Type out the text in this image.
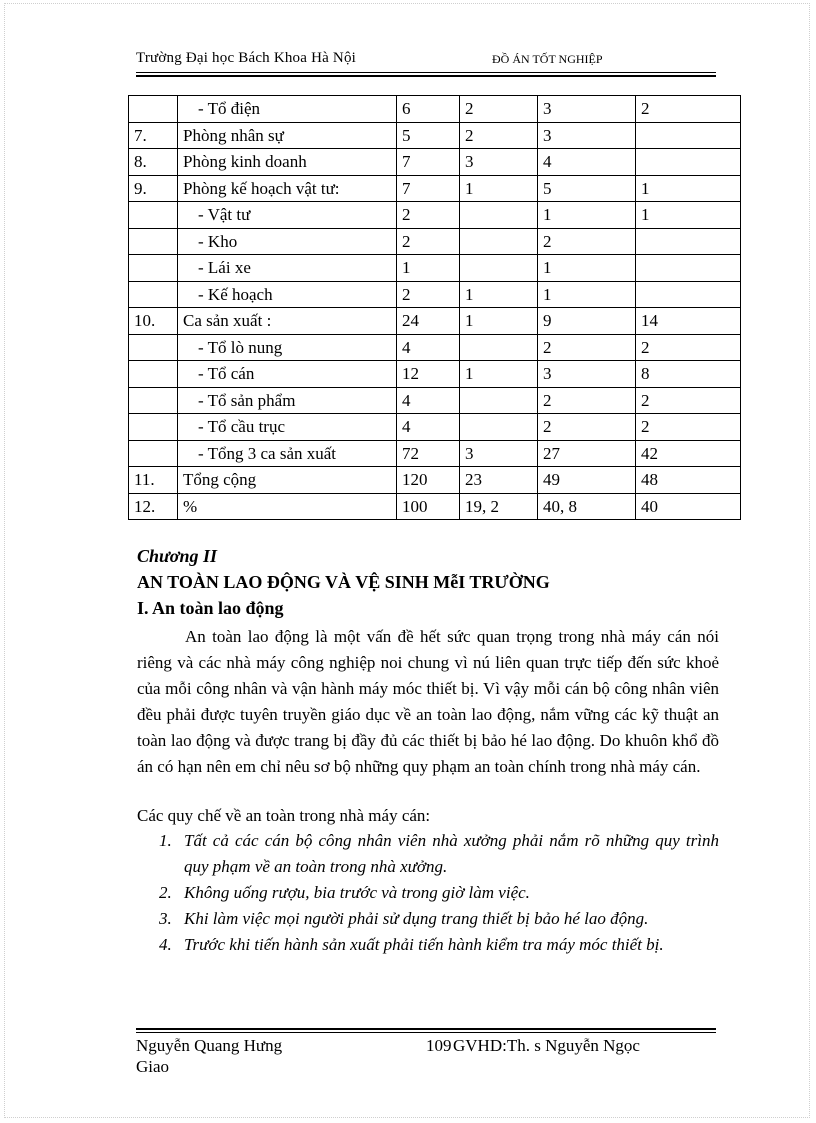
Trường Đại học Bách Khoa Hà Nội	ĐỒ ÁN TỐT NGHIỆP
	- Tổ điện	6	2	3	2
7.	Phòng nhân sự	5	2	3	
8.	Phòng kinh doanh	7	3	4	
9.	Phòng kế hoạch vật tư:	7	1	5	1
	- Vật tư	2		1	1
	- Kho	2		2	
	- Lái xe	1		1	
	- Kế hoạch	2	1	1	
10.	Ca sản xuất :	24	1	9	14
	- Tổ lò nung	4		2	2
	- Tổ cán	12	1	3	8
	- Tổ sản phẩm	4		2	2
	- Tổ cầu trục	4		2	2
	- Tổng 3 ca sản xuất	72	3	27	42
11.	Tổng cộng	120	23	49	48
12.	%	100	19, 2	40, 8	40
Chương II
AN TOÀN LAO ĐỘNG VÀ VỆ SINH MễI TRƯỜNG
I. An toàn lao động

An toàn lao động là một vấn đề hết sức quan trọng trong nhà máy cán nói riêng và các nhà máy công nghiệp noi chung vì nú liên quan trực tiếp đến sức khoẻ của mỗi công nhân và vận hành máy móc thiết bị. Vì vậy mỗi cán bộ công nhân viên đều phải được tuyên truyền giáo dục về an toàn lao động, nắm vững các kỹ thuật an toàn lao động và được trang bị đầy đủ các thiết bị bảo hé lao động. Do khuôn khổ đồ án có hạn nên em chỉ nêu sơ bộ những quy phạm an toàn chính trong nhà máy cán.

Các quy chế về an toàn trong nhà máy cán:
1. Tất cả các cán bộ công nhân viên nhà xưởng phải nắm rõ những quy trình quy phạm về an toàn trong nhà xưởng.
2. Không uống rượu, bia trước và trong giờ làm việc.
3. Khi làm việc mọi người phải sử dụng trang thiết bị bảo hé lao động.
4. Trước khi tiến hành sản xuất phải tiến hành kiểm tra máy móc thiết bị.
Nguyễn Quang Hưng
Giao
109 GVHD:Th. s Nguyễn Ngọc
